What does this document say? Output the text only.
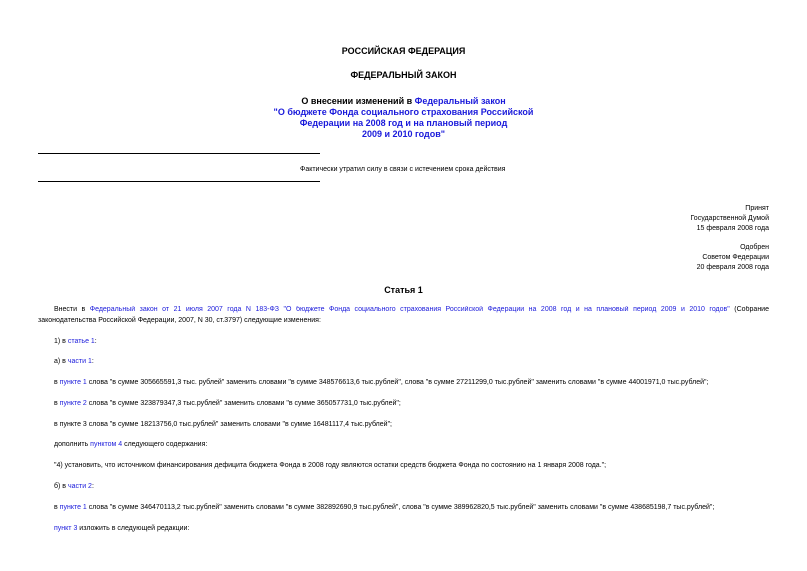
РОССИЙСКАЯ ФЕДЕРАЦИЯ
ФЕДЕРАЛЬНЫЙ ЗАКОН
О внесении изменений в Федеральный закон
"О бюджете Фонда социального страхования Российской
Федерации на 2008 год и на плановый период
2009 и 2010 годов"
Фактически утратил силу в связи с истечением срока действия
Принят
Государственной Думой
15 февраля 2008 года
Одобрен
Советом Федерации
20 февраля 2008 года
Статья 1
Внести в Федеральный закон от 21 июля 2007 года N 183-ФЗ "О бюджете Фонда социального страхования Российской Федерации на 2008 год и на плановый период 2009 и 2010 годов" (Собрание
законодательства Российской Федерации, 2007, N 30, ст.3797) следующие изменения:
1) в статье 1:
а) в части 1:
в пункте 1 слова "в сумме 305665591,3 тыс. рублей" заменить словами "в сумме 348576613,6 тыс.рублей", слова "в сумме 27211299,0 тыс.рублей" заменить словами "в сумме 44001971,0 тыс.рублей";
в пункте 2 слова "в сумме 323879347,3 тыс.рублей" заменить словами "в сумме 365057731,0 тыс.рублей";
в пункте 3 слова "в сумме 18213756,0 тыс.рублей" заменить словами "в сумме 16481117,4 тыс.рублей";
дополнить пунктом 4 следующего содержания:
"4) установить, что источником финансирования дефицита бюджета Фонда в 2008 году являются остатки средств бюджета Фонда по состоянию на 1 января 2008 года.";
б) в части 2:
в пункте 1 слова "в сумме 346470113,2 тыс.рублей" заменить словами "в сумме 382892690,9 тыс.рублей", слова "в сумме 389962820,5 тыс.рублей" заменить словами "в сумме 438685198,7 тыс.рублей";
пункт 3 изложить в следующей редакции:
